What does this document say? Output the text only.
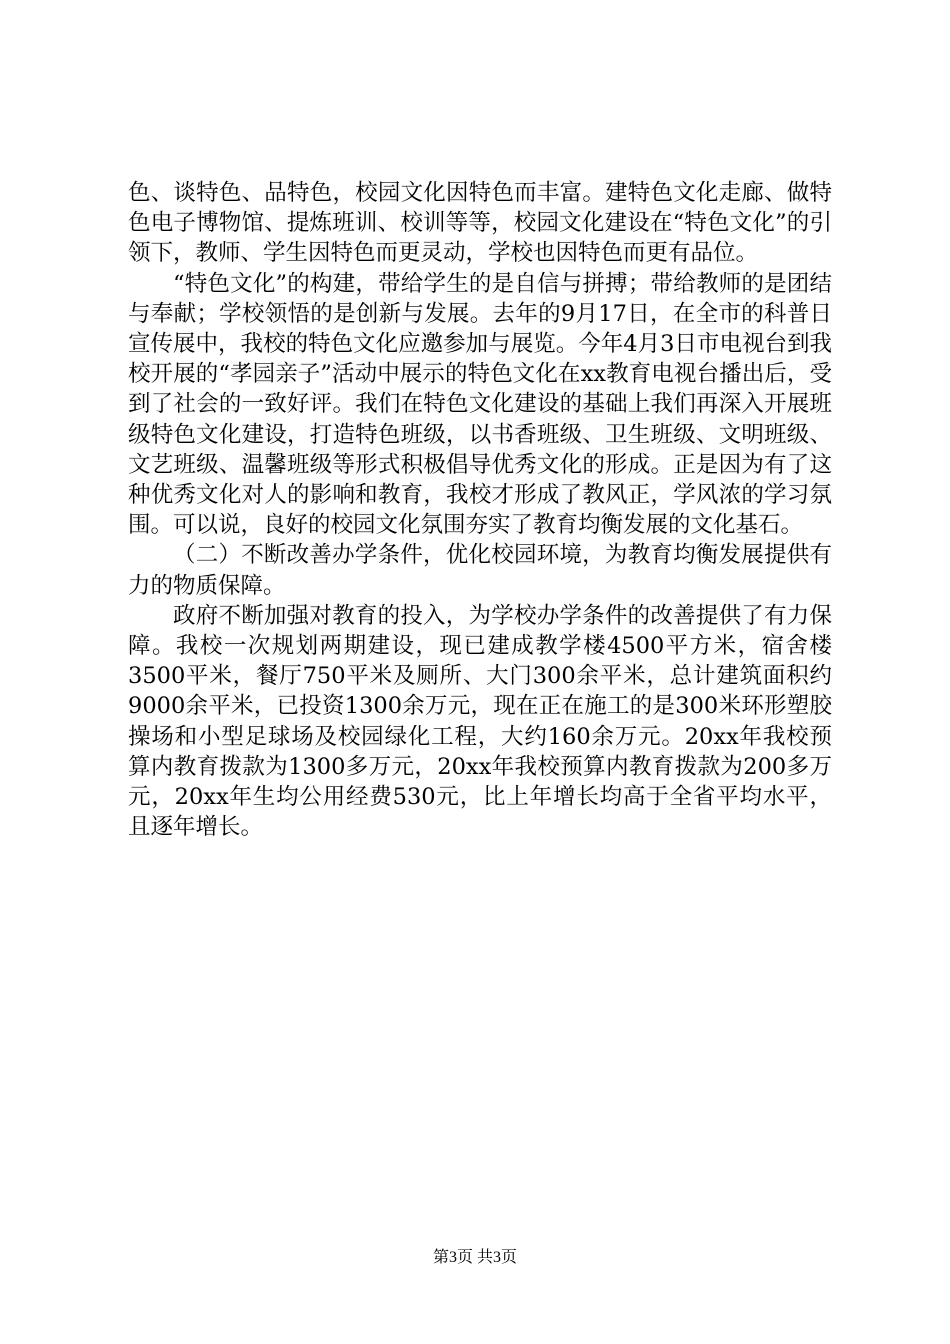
色、谈特色、品特色，校园文化因特色而丰富。建特色文化走廊、做特色电子博物馆、提炼班训、校训等等，校园文化建设在“特色文化”的引领下，教师、学生因特色而更灵动，学校也因特色而更有品位。

“特色文化”的构建，带给学生的是自信与拼搏；带给教师的是团结与奉献；学校领悟的是创新与发展。去年的9月17日，在全市的科普日宣传展中，我校的特色文化应邀参加与展览。今年4月3日市电视台到我校开展的“孝园亲子”活动中展示的特色文化在xx教育电视台播出后，受到了社会的一致好评。我们在特色文化建设的基础上我们再深入开展班级特色文化建设，打造特色班级，以书香班级、卫生班级、文明班级、文艺班级、温馨班级等形式积极倡导优秀文化的形成。正是因为有了这种优秀文化对人的影响和教育，我校才形成了教风正，学风浓的学习氛围。可以说，良好的校园文化氛围夯实了教育均衡发展的文化基石。

（二）不断改善办学条件，优化校园环境，为教育均衡发展提供有力的物质保障。

政府不断加强对教育的投入，为学校办学条件的改善提供了有力保障。我校一次规划两期建设，现已建成教学楼4500平方米，宿舍楼3500平米，餐厅750平米及厕所、大门300余平米，总计建筑面积约9000余平米，已投资1300余万元，现在正在施工的是300米环形塑胶操场和小型足球场及校园绿化工程，大约160余万元。20xx年我校预算内教育拨款为1300多万元，20xx年我校预算内教育拨款为200多万元，20xx年生均公用经费530元，比上年增长均高于全省平均水平，且逐年增长。

第3页 共3页
